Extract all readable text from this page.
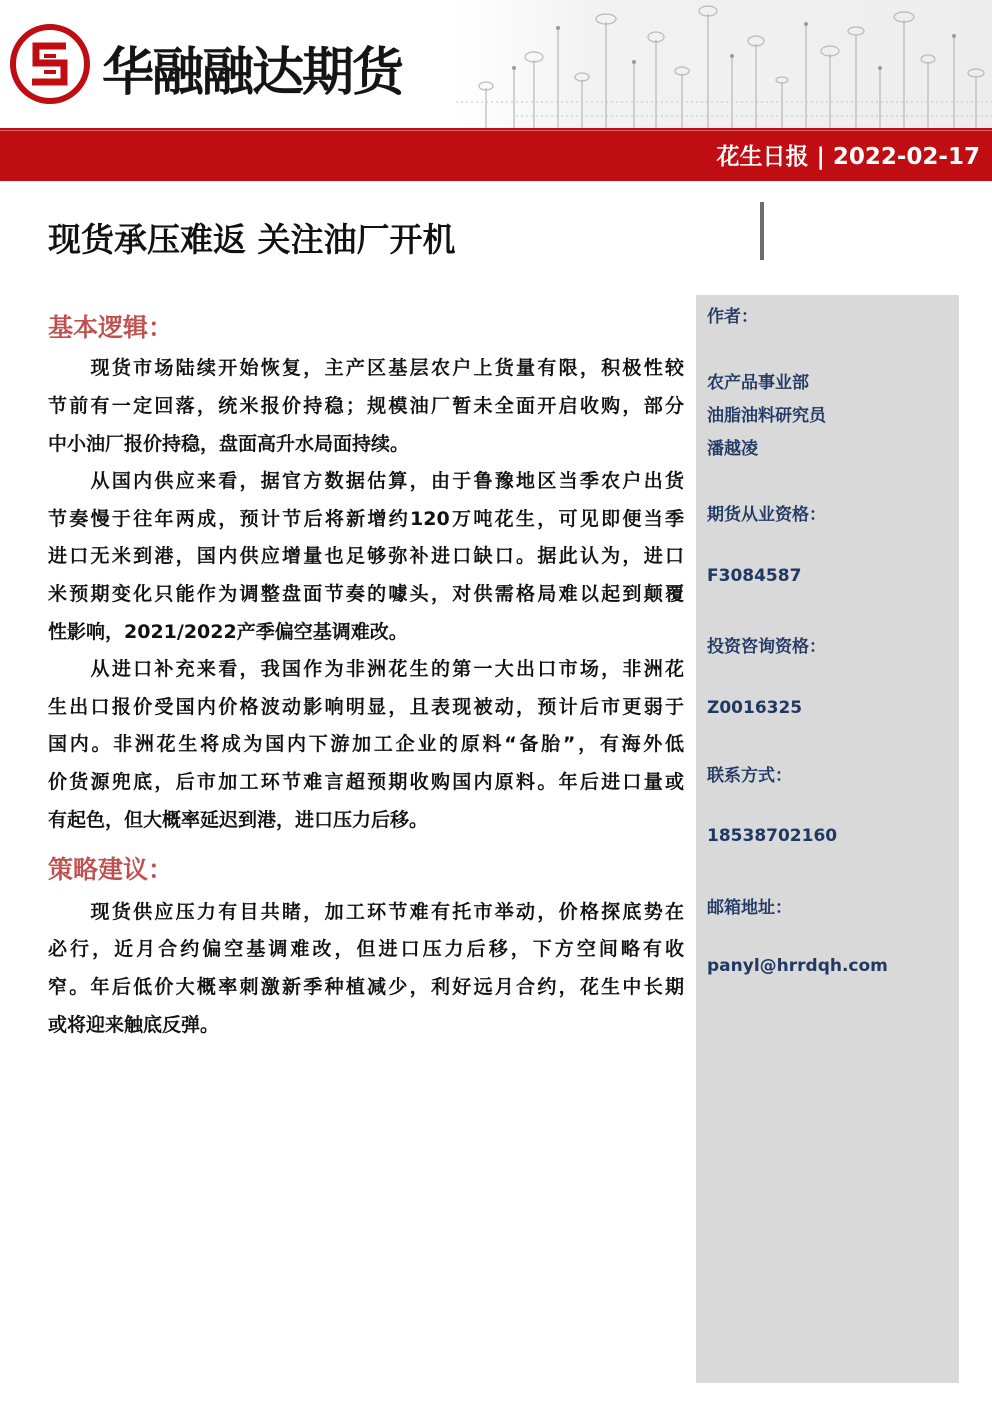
华融融达期货
花生日报 | 2022-02-17
现货承压难返 关注油厂开机
作者：
农产品事业部
油脂油料研究员
潘越凌
期货从业资格：
F3084587
投资咨询资格：
Z0016325
联系方式：
18538702160
邮箱地址：
panyl@hrrdqh.com
基本逻辑：
　　现货市场陆续开始恢复，主产区基层农户上货量有限，积极性较
节前有一定回落，统米报价持稳；规模油厂暂未全面开启收购，部分
中小油厂报价持稳，盘面高升水局面持续。
　　从国内供应来看，据官方数据估算，由于鲁豫地区当季农户出货
节奏慢于往年两成，预计节后将新增约120万吨花生，可见即便当季
进口无米到港，国内供应增量也足够弥补进口缺口。据此认为，进口
米预期变化只能作为调整盘面节奏的噱头，对供需格局难以起到颠覆
性影响，2021/2022产季偏空基调难改。
　　从进口补充来看，我国作为非洲花生的第一大出口市场，非洲花
生出口报价受国内价格波动影响明显，且表现被动，预计后市更弱于
国内。非洲花生将成为国内下游加工企业的原料“备胎”，有海外低
价货源兜底，后市加工环节难言超预期收购国内原料。年后进口量或
有起色，但大概率延迟到港，进口压力后移。
策略建议：
　　现货供应压力有目共睹，加工环节难有托市举动，价格探底势在
必行，近月合约偏空基调难改，但进口压力后移，下方空间略有收
窄。年后低价大概率刺激新季种植减少，利好远月合约，花生中长期
或将迎来触底反弹。
